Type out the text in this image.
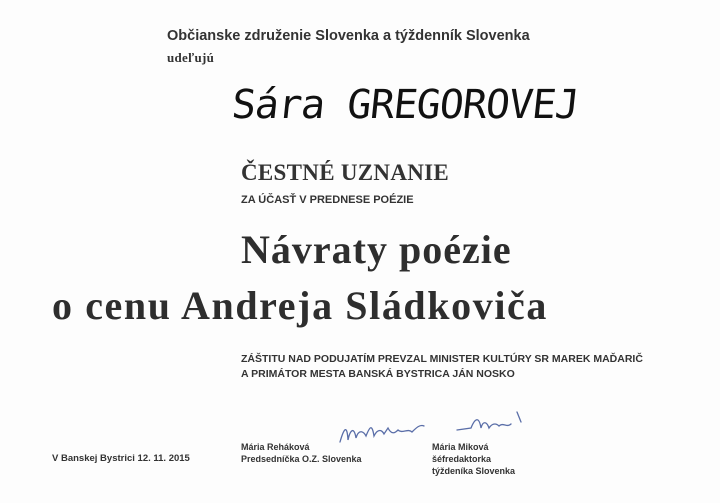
Občianske združenie Slovenka a týždenník Slovenka
udeľujú
Sára GREGOROVEJ
ČESTNÉ UZNANIE
ZA ÚČASŤ V PREDNESE POÉZIE
Návraty poézie
o cenu Andreja Sládkoviča
ZÁŠTITU NAD PODUJATÍM PREVZAL MINISTER KULTÚRY SR MAREK MAĎARIČ
A PRIMÁTOR MESTA BANSKÁ BYSTRICA JÁN NOSKO
V Banskej Bystrici 12. 11. 2015
Mária Reháková
Predsedníčka O.Z. Slovenka
Mária Miková
šéfredaktorka
týždeníka Slovenka
